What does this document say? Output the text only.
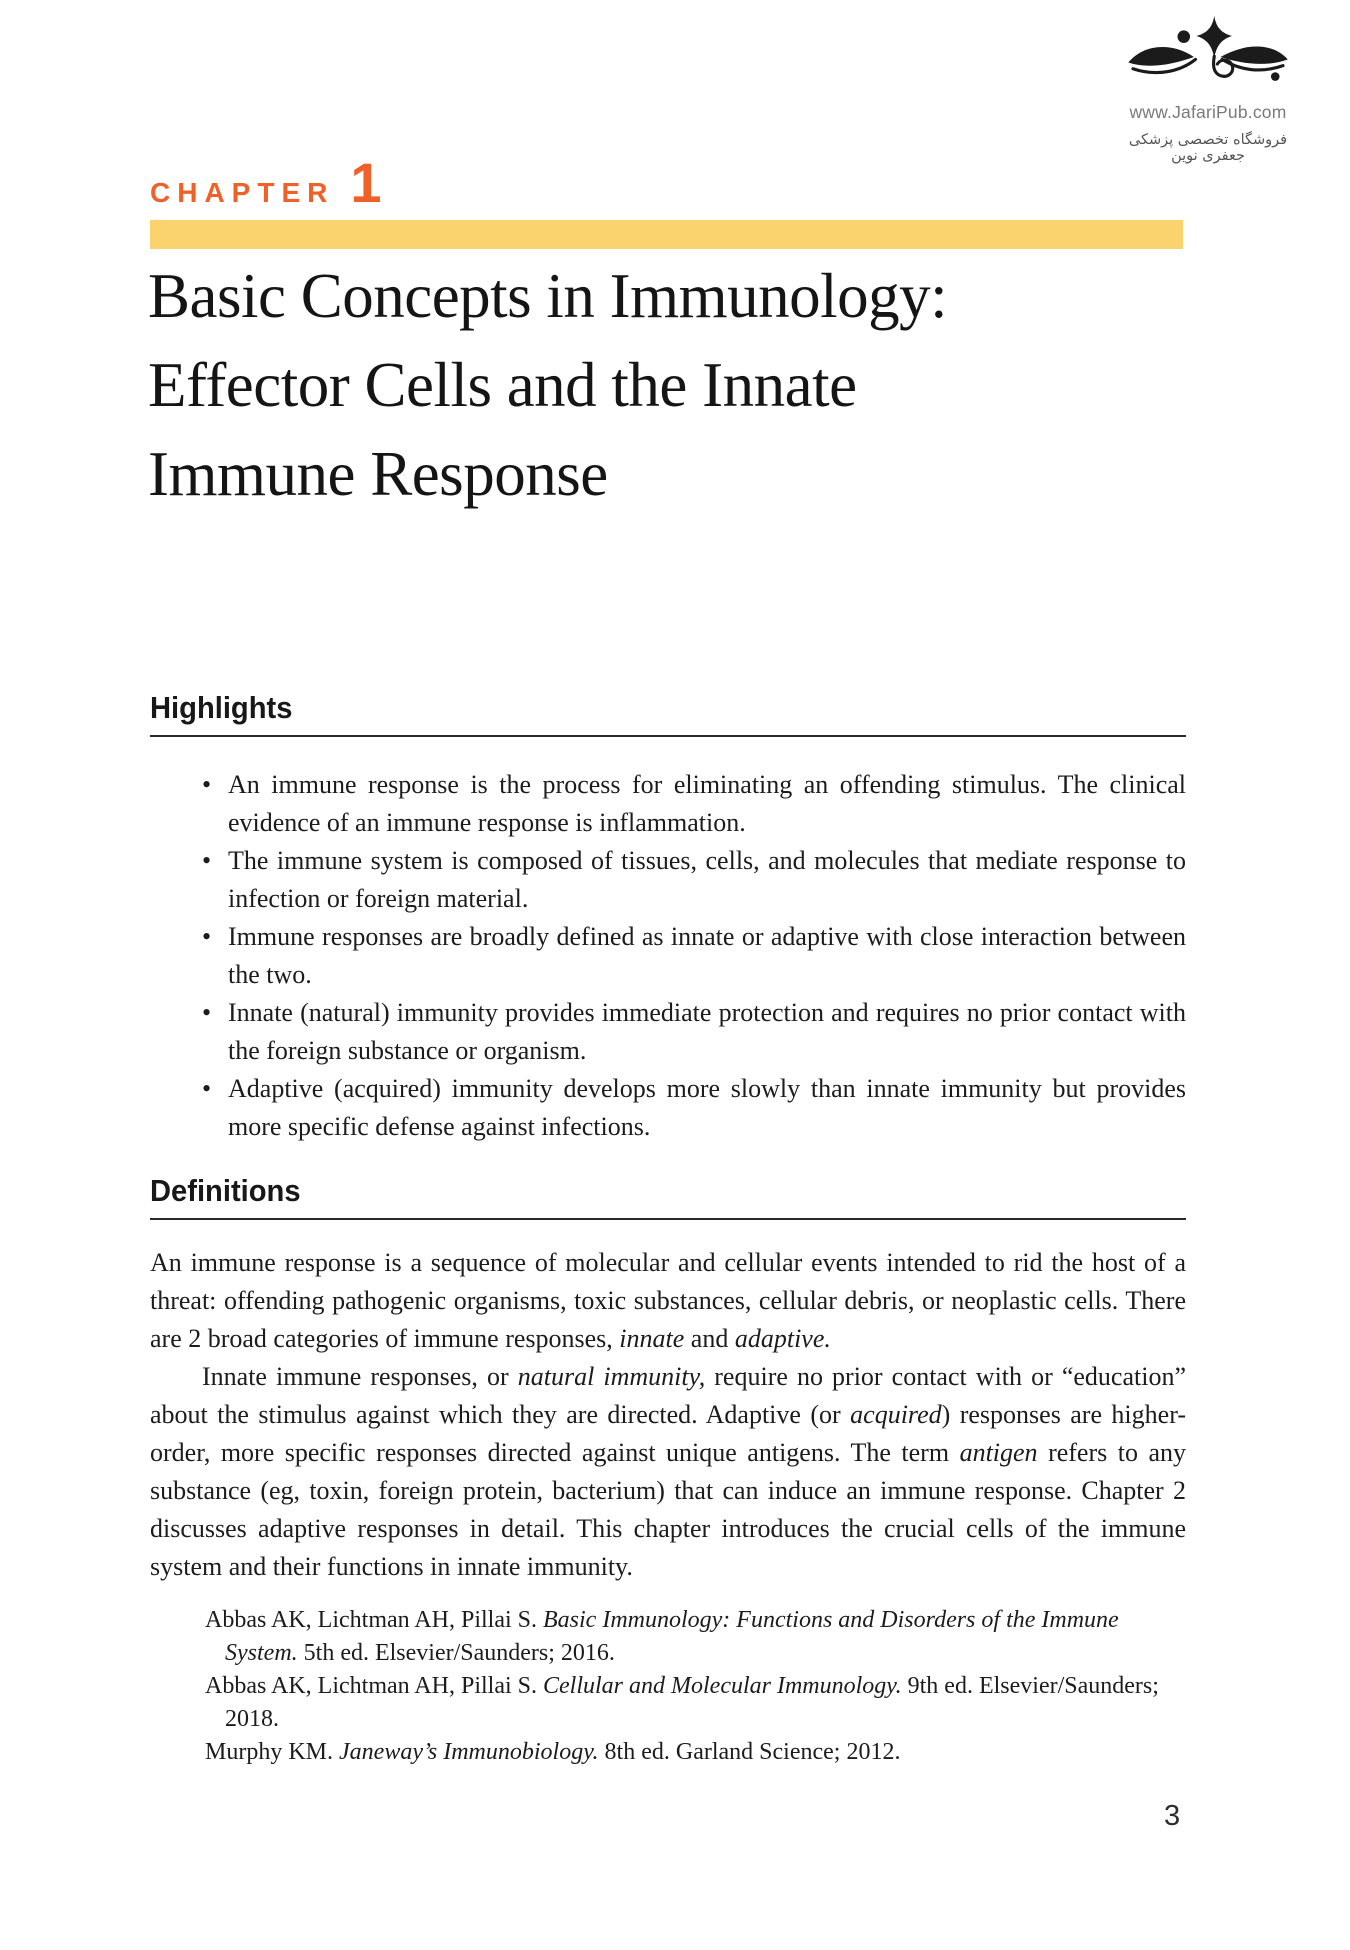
www.JafariPub.com
فروشگاه تخصصی پزشکی جعفری نوین
CHAPTER 1
Basic Concepts in Immunology:
Effector Cells and the Innate
Immune Response
Highlights
• An immune response is the process for eliminating an offending stimulus. The clinical evidence of an immune response is inflammation.
• The immune system is composed of tissues, cells, and molecules that mediate response to infection or foreign material.
• Immune responses are broadly defined as innate or adaptive with close interaction between the two.
• Innate (natural) immunity provides immediate protection and requires no prior contact with the foreign substance or organism.
• Adaptive (acquired) immunity develops more slowly than innate immunity but provides more specific defense against infections.
Definitions

An immune response is a sequence of molecular and cellular events intended to rid the host of a threat: offending pathogenic organisms, toxic substances, cellular debris, or neoplastic cells. There are 2 broad categories of immune responses, innate and adaptive.

Innate immune responses, or natural immunity, require no prior contact with or “education” about the stimulus against which they are directed. Adaptive (or acquired) responses are higher-order, more specific responses directed against unique antigens. The term antigen refers to any substance (eg, toxin, foreign protein, bacterium) that can induce an immune response. Chapter 2 discusses adaptive responses in detail. This chapter introduces the crucial cells of the immune system and their functions in innate immunity.

Abbas AK, Lichtman AH, Pillai S. Basic Immunology: Functions and Disorders of the Immune System. 5th ed. Elsevier/Saunders; 2016.

Abbas AK, Lichtman AH, Pillai S. Cellular and Molecular Immunology. 9th ed. Elsevier/Saunders; 2018.

Murphy KM. Janeway’s Immunobiology. 8th ed. Garland Science; 2012.

3
